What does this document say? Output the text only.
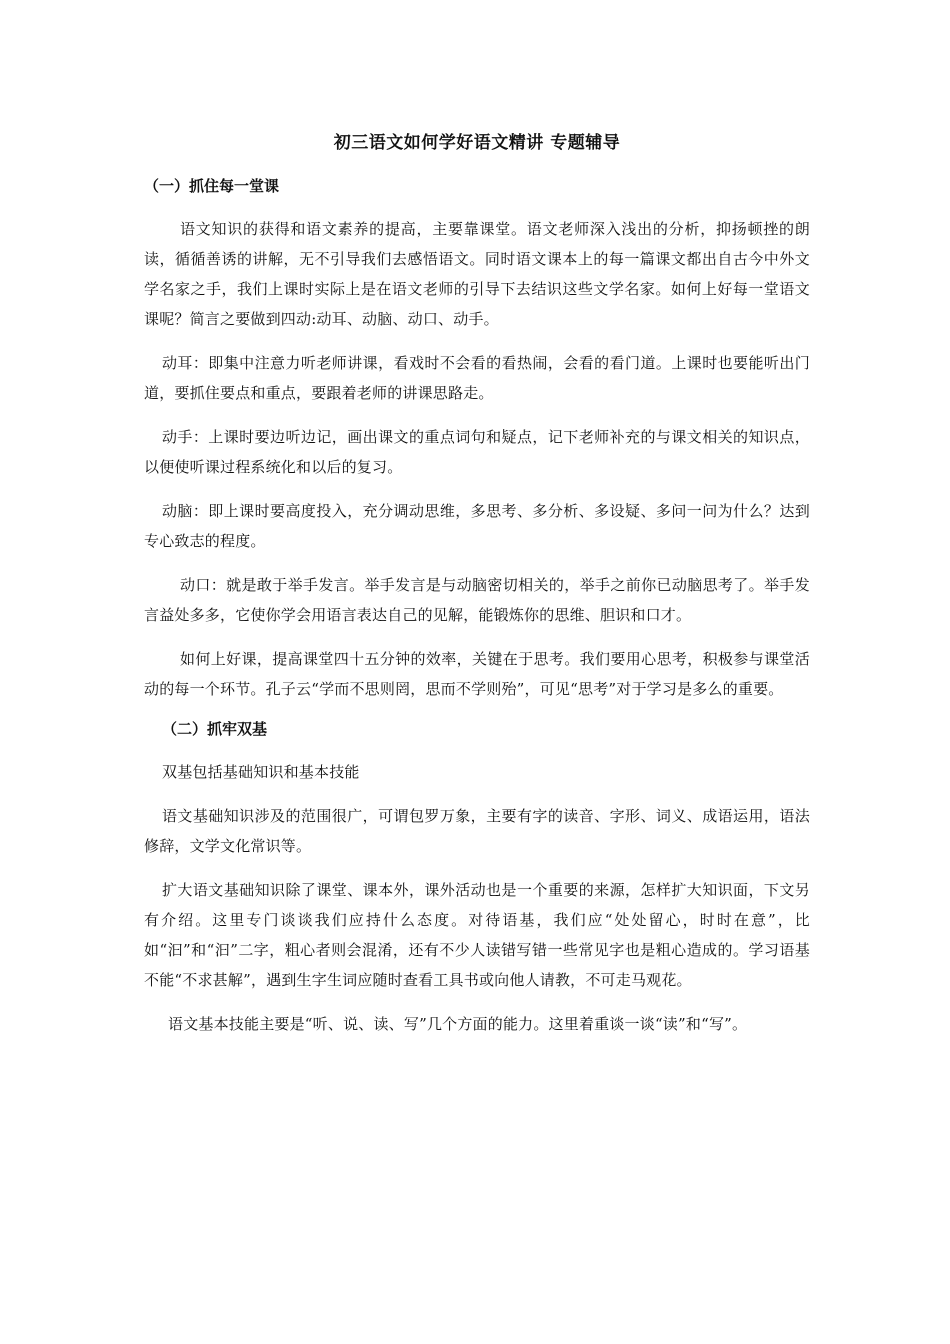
初三语文如何学好语文精讲 专题辅导
（一）抓住每一堂课

语文知识的获得和语文素养的提高，主要靠课堂。语文老师深入浅出的分析，抑扬顿挫的朗读，循循善诱的讲解，无不引导我们去感悟语文。同时语文课本上的每一篇课文都出自古今中外文学名家之手，我们上课时实际上是在语文老师的引导下去结识这些文学名家。如何上好每一堂语文课呢？简言之要做到四动:动耳、动脑、动口、动手。

动耳：即集中注意力听老师讲课，看戏时不会看的看热闹，会看的看门道。上课时也要能听出门道，要抓住要点和重点，要跟着老师的讲课思路走。

动手：上课时要边听边记，画出课文的重点词句和疑点，记下老师补充的与课文相关的知识点，以便使听课过程系统化和以后的复习。

动脑：即上课时要高度投入，充分调动思维，多思考、多分析、多设疑、多问一问为什么？达到专心致志的程度。

动口：就是敢于举手发言。举手发言是与动脑密切相关的，举手之前你已动脑思考了。举手发言益处多多，它使你学会用语言表达自己的见解，能锻炼你的思维、胆识和口才。

如何上好课，提高课堂四十五分钟的效率，关键在于思考。我们要用心思考，积极参与课堂活动的每一个环节。孔子云“学而不思则罔，思而不学则殆”，可见“思考”对于学习是多么的重要。

（二）抓牢双基

双基包括基础知识和基本技能

语文基础知识涉及的范围很广，可谓包罗万象，主要有字的读音、字形、词义、成语运用，语法修辞，文学文化常识等。

扩大语文基础知识除了课堂、课本外，课外活动也是一个重要的来源，怎样扩大知识面，下文另有介绍。这里专门谈谈我们应持什么态度。对待语基，我们应“处处留心，时时在意”，比如“汩”和“汩”二字，粗心者则会混淆，还有不少人读错写错一些常见字也是粗心造成的。学习语基不能“不求甚解”，遇到生字生词应随时查看工具书或向他人请教，不可走马观花。

语文基本技能主要是“听、说、读、写”几个方面的能力。这里着重谈一谈“读”和“写”。
